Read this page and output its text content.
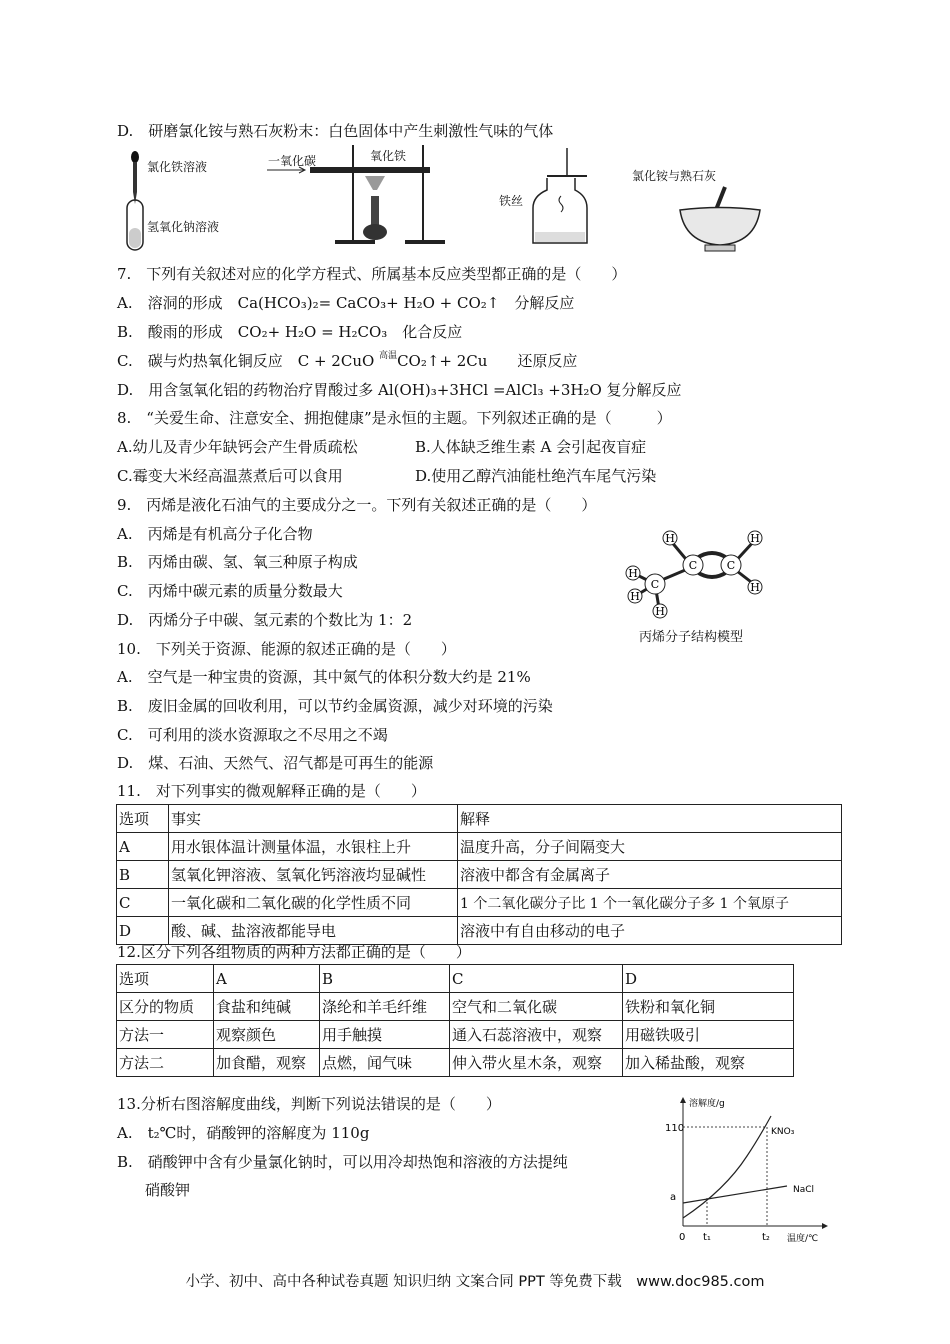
D.　研磨氯化铵与熟石灰粉末：白色固体中产生刺激性气味的气体
氯化铁溶液
氢氧化钠溶液
一氧化碳	氧化铁
铁丝
氯化铵与熟石灰
7.　下列有关叙述对应的化学方程式、所属基本反应类型都正确的是（　　）
A.　溶洞的形成　Ca(HCO₃)₂= CaCO₃+ H₂O + CO₂↑　分解反应
B.　酸雨的形成　CO₂+ H₂O = H₂CO₃　化合反应
C.　碳与灼热氧化铜反应　C + 2CuO $^{高温}$CO₂↑+ 2Cu　　还原反应
D.　用含氢氧化铝的药物治疗胃酸过多 Al(OH)₃+3HCl =AlCl₃ +3H₂O 复分解反应
8.　“关爱生命、注意安全、拥抱健康”是永恒的主题。下列叙述正确的是（　　　）
A.幼儿及青少年缺钙会产生骨质疏松	B.人体缺乏维生素 A 会引起夜盲症
C.霉变大米经高温蒸煮后可以食用	D.使用乙醇汽油能杜绝汽车尾气污染
9.　丙烯是液化石油气的主要成分之一。下列有关叙述正确的是（　　）
A.　丙烯是有机高分子化合物
B.　丙烯由碳、氢、氧三种原子构成
C.　丙烯中碳元素的质量分数最大
D.　丙烯分子中碳、氢元素的个数比为 1：2
H	H
H
C	C
C
H
H
H
丙烯分子结构模型
10.　下列关于资源、能源的叙述正确的是（　　）
A.　空气是一种宝贵的资源，其中氮气的体积分数大约是 21%
B.　废旧金属的回收利用，可以节约金属资源，减少对环境的污染
C.　可利用的淡水资源取之不尽用之不竭
D.　煤、石油、天然气、沼气都是可再生的能源
11.　对下列事实的微观解释正确的是（　　）
选项	事实	解释
A	用水银体温计测量体温，水银柱上升	温度升高，分子间隔变大
B	氢氧化钾溶液、氢氧化钙溶液均显碱性	溶液中都含有金属离子
C	一氧化碳和二氧化碳的化学性质不同	1 个二氧化碳分子比 1 个一氧化碳分子多 1 个氧原子
D	酸、碱、盐溶液都能导电	溶液中有自由移动的电子
12.区分下列各组物质的两种方法都正确的是（　　）
选项	A	B	C	D
区分的物质	食盐和纯碱	涤纶和羊毛纤维	空气和二氧化碳	铁粉和氧化铜
方法一	观察颜色	用手触摸	通入石蕊溶液中，观察	用磁铁吸引
方法二	加食醋，观察	点燃，闻气味	伸入带火星木条，观察	加入稀盐酸，观察
13.分析右图溶解度曲线，判断下列说法错误的是（　　）
A.　t₂℃时，硝酸钾的溶解度为 110g
B.　硝酸钾中含有少量氯化钠时，可以用冷却热饱和溶液的方法提纯
硝酸钾
溶解度/g
温度/℃
110
a
0 t₁	t₂
KNO₃
NaCl
小学、初中、高中各种试卷真题 知识归纳 文案合同 PPT 等免费下载　www.doc985.com
